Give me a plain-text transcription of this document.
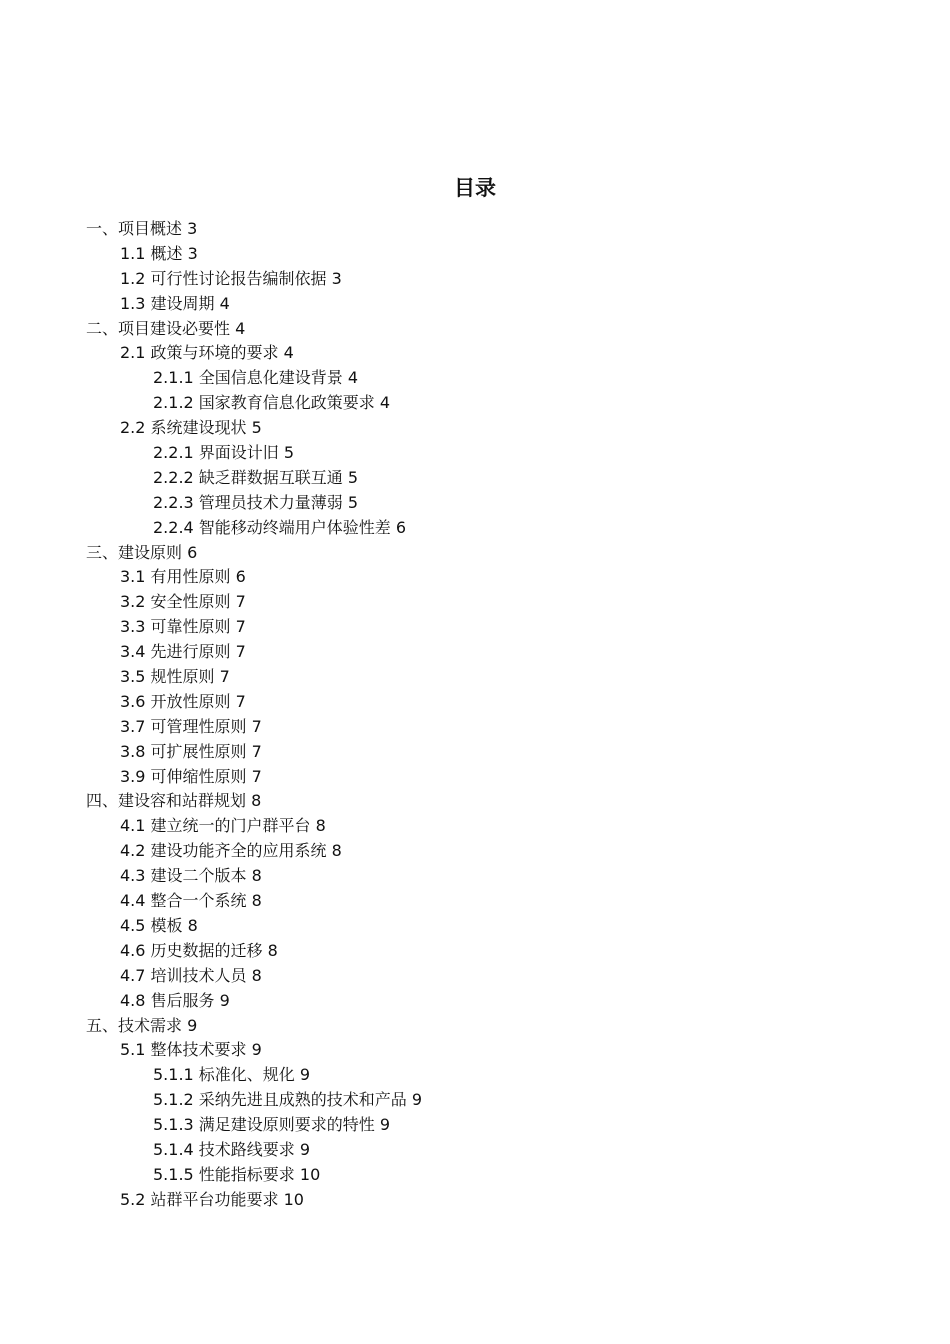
目录
一、项目概述 3
1.1 概述 3
1.2 可行性讨论报告编制依据 3
1.3 建设周期 4
二、项目建设必要性 4
2.1 政策与环境的要求 4
2.1.1 全国信息化建设背景 4
2.1.2 国家教育信息化政策要求 4
2.2 系统建设现状 5
2.2.1 界面设计旧 5
2.2.2 缺乏群数据互联互通 5
2.2.3 管理员技术力量薄弱 5
2.2.4 智能移动终端用户体验性差 6
三、建设原则 6
3.1 有用性原则 6
3.2 安全性原则 7
3.3 可靠性原则 7
3.4 先进行原则 7
3.5 规性原则 7
3.6 开放性原则 7
3.7 可管理性原则 7
3.8 可扩展性原则 7
3.9 可伸缩性原则 7
四、建设容和站群规划 8
4.1 建立统一的门户群平台 8
4.2 建设功能齐全的应用系统 8
4.3 建设二个版本 8
4.4 整合一个系统 8
4.5 模板 8
4.6 历史数据的迁移 8
4.7 培训技术人员 8
4.8 售后服务 9
五、技术需求 9
5.1 整体技术要求 9
5.1.1 标准化、规化 9
5.1.2 采纳先进且成熟的技术和产品 9
5.1.3 满足建设原则要求的特性 9
5.1.4 技术路线要求 9
5.1.5 性能指标要求 10
5.2 站群平台功能要求 10
